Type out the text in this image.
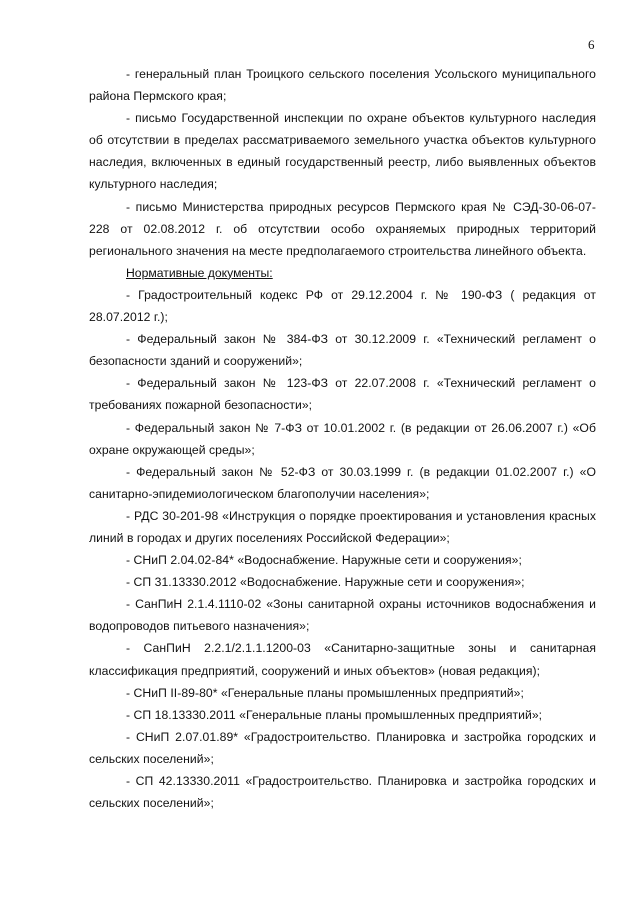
6

- генеральный план Троицкого сельского поселения Усольского муниципального района Пермского края;

- письмо Государственной инспекции по охране объектов культурного наследия об отсутствии в пределах рассматриваемого земельного участка объектов культурного наследия, включенных в единый государственный реестр, либо выявленных объектов культурного наследия;

- письмо Министерства природных ресурсов Пермского края № СЭД-30-06-07-228 от 02.08.2012 г. об отсутствии особо охраняемых природных территорий регионального значения на месте предполагаемого строительства линейного объекта.

Нормативные документы:

- Градостроительный кодекс РФ от 29.12.2004 г. № 190-ФЗ ( редакция от 28.07.2012 г.);

- Федеральный закон № 384-ФЗ от 30.12.2009 г. «Технический регламент о безопасности зданий и сооружений»;

- Федеральный закон № 123-ФЗ от 22.07.2008 г. «Технический регламент о требованиях пожарной безопасности»;

- Федеральный закон № 7-ФЗ от 10.01.2002 г. (в редакции от 26.06.2007 г.) «Об охране окружающей среды»;

- Федеральный закон № 52-ФЗ от 30.03.1999 г. (в редакции 01.02.2007 г.) «О санитарно-эпидемиологическом благополучии населения»;

- РДС 30-201-98 «Инструкция о порядке проектирования и установления красных линий в городах и других поселениях Российской Федерации»;

- СНиП 2.04.02-84* «Водоснабжение. Наружные сети и сооружения»;

- СП 31.13330.2012 «Водоснабжение. Наружные сети и сооружения»;

- СанПиН 2.1.4.1110-02 «Зоны санитарной охраны источников водоснабжения и водопроводов питьевого назначения»;

- СанПиН 2.2.1/2.1.1.1200-03 «Санитарно-защитные зоны и санитарная классификация предприятий, сооружений и иных объектов» (новая редакция);

- СНиП II-89-80* «Генеральные планы промышленных предприятий»;

- СП 18.13330.2011 «Генеральные планы промышленных предприятий»;

- СНиП 2.07.01.89* «Градостроительство. Планировка и застройка городских и сельских поселений»;

- СП 42.13330.2011 «Градостроительство. Планировка и застройка городских и сельских поселений»;
